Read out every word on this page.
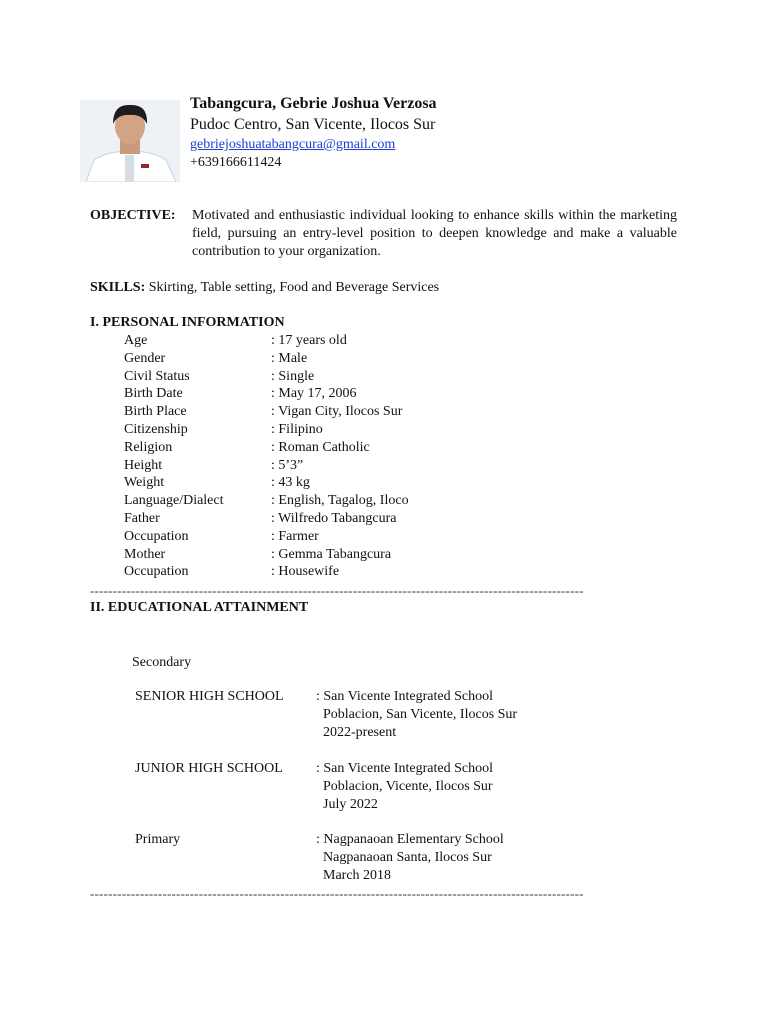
Tabangcura, Gebrie Joshua Verzosa
Pudoc Centro, San Vicente, Ilocos Sur
gebriejoshuatabangcura@gmail.com
+639166611424
OBJECTIVE: Motivated and enthusiastic individual looking to enhance skills within the marketing field, pursuing an entry-level position to deepen knowledge and make a valuable contribution to your organization.
SKILLS: Skirting, Table setting, Food and Beverage Services
I. PERSONAL INFORMATION
Age	: 17 years old
Gender	: Male
Civil Status	: Single
Birth Date	: May 17, 2006
Birth Place	: Vigan City, Ilocos Sur
Citizenship	: Filipino
Religion	: Roman Catholic
Height	: 5’3”
Weight	: 43 kg
Language/Dialect	: English, Tagalog, Iloco
Father	: Wilfredo Tabangcura
Occupation	: Farmer
Mother	: Gemma Tabangcura
Occupation	: Housewife
-------------------------------------------------------------------------------------------------------------
II. EDUCATIONAL ATTAINMENT
Secondary
SENIOR HIGH SCHOOL : San Vicente Integrated School
Poblacion, San Vicente, Ilocos Sur
2022-present
JUNIOR HIGH SCHOOL : San Vicente Integrated School
Poblacion, Vicente, Ilocos Sur
July 2022
Primary	: Nagpanaoan Elementary School
Nagpanaoan Santa, Ilocos Sur
March 2018
-------------------------------------------------------------------------------------------------------------
